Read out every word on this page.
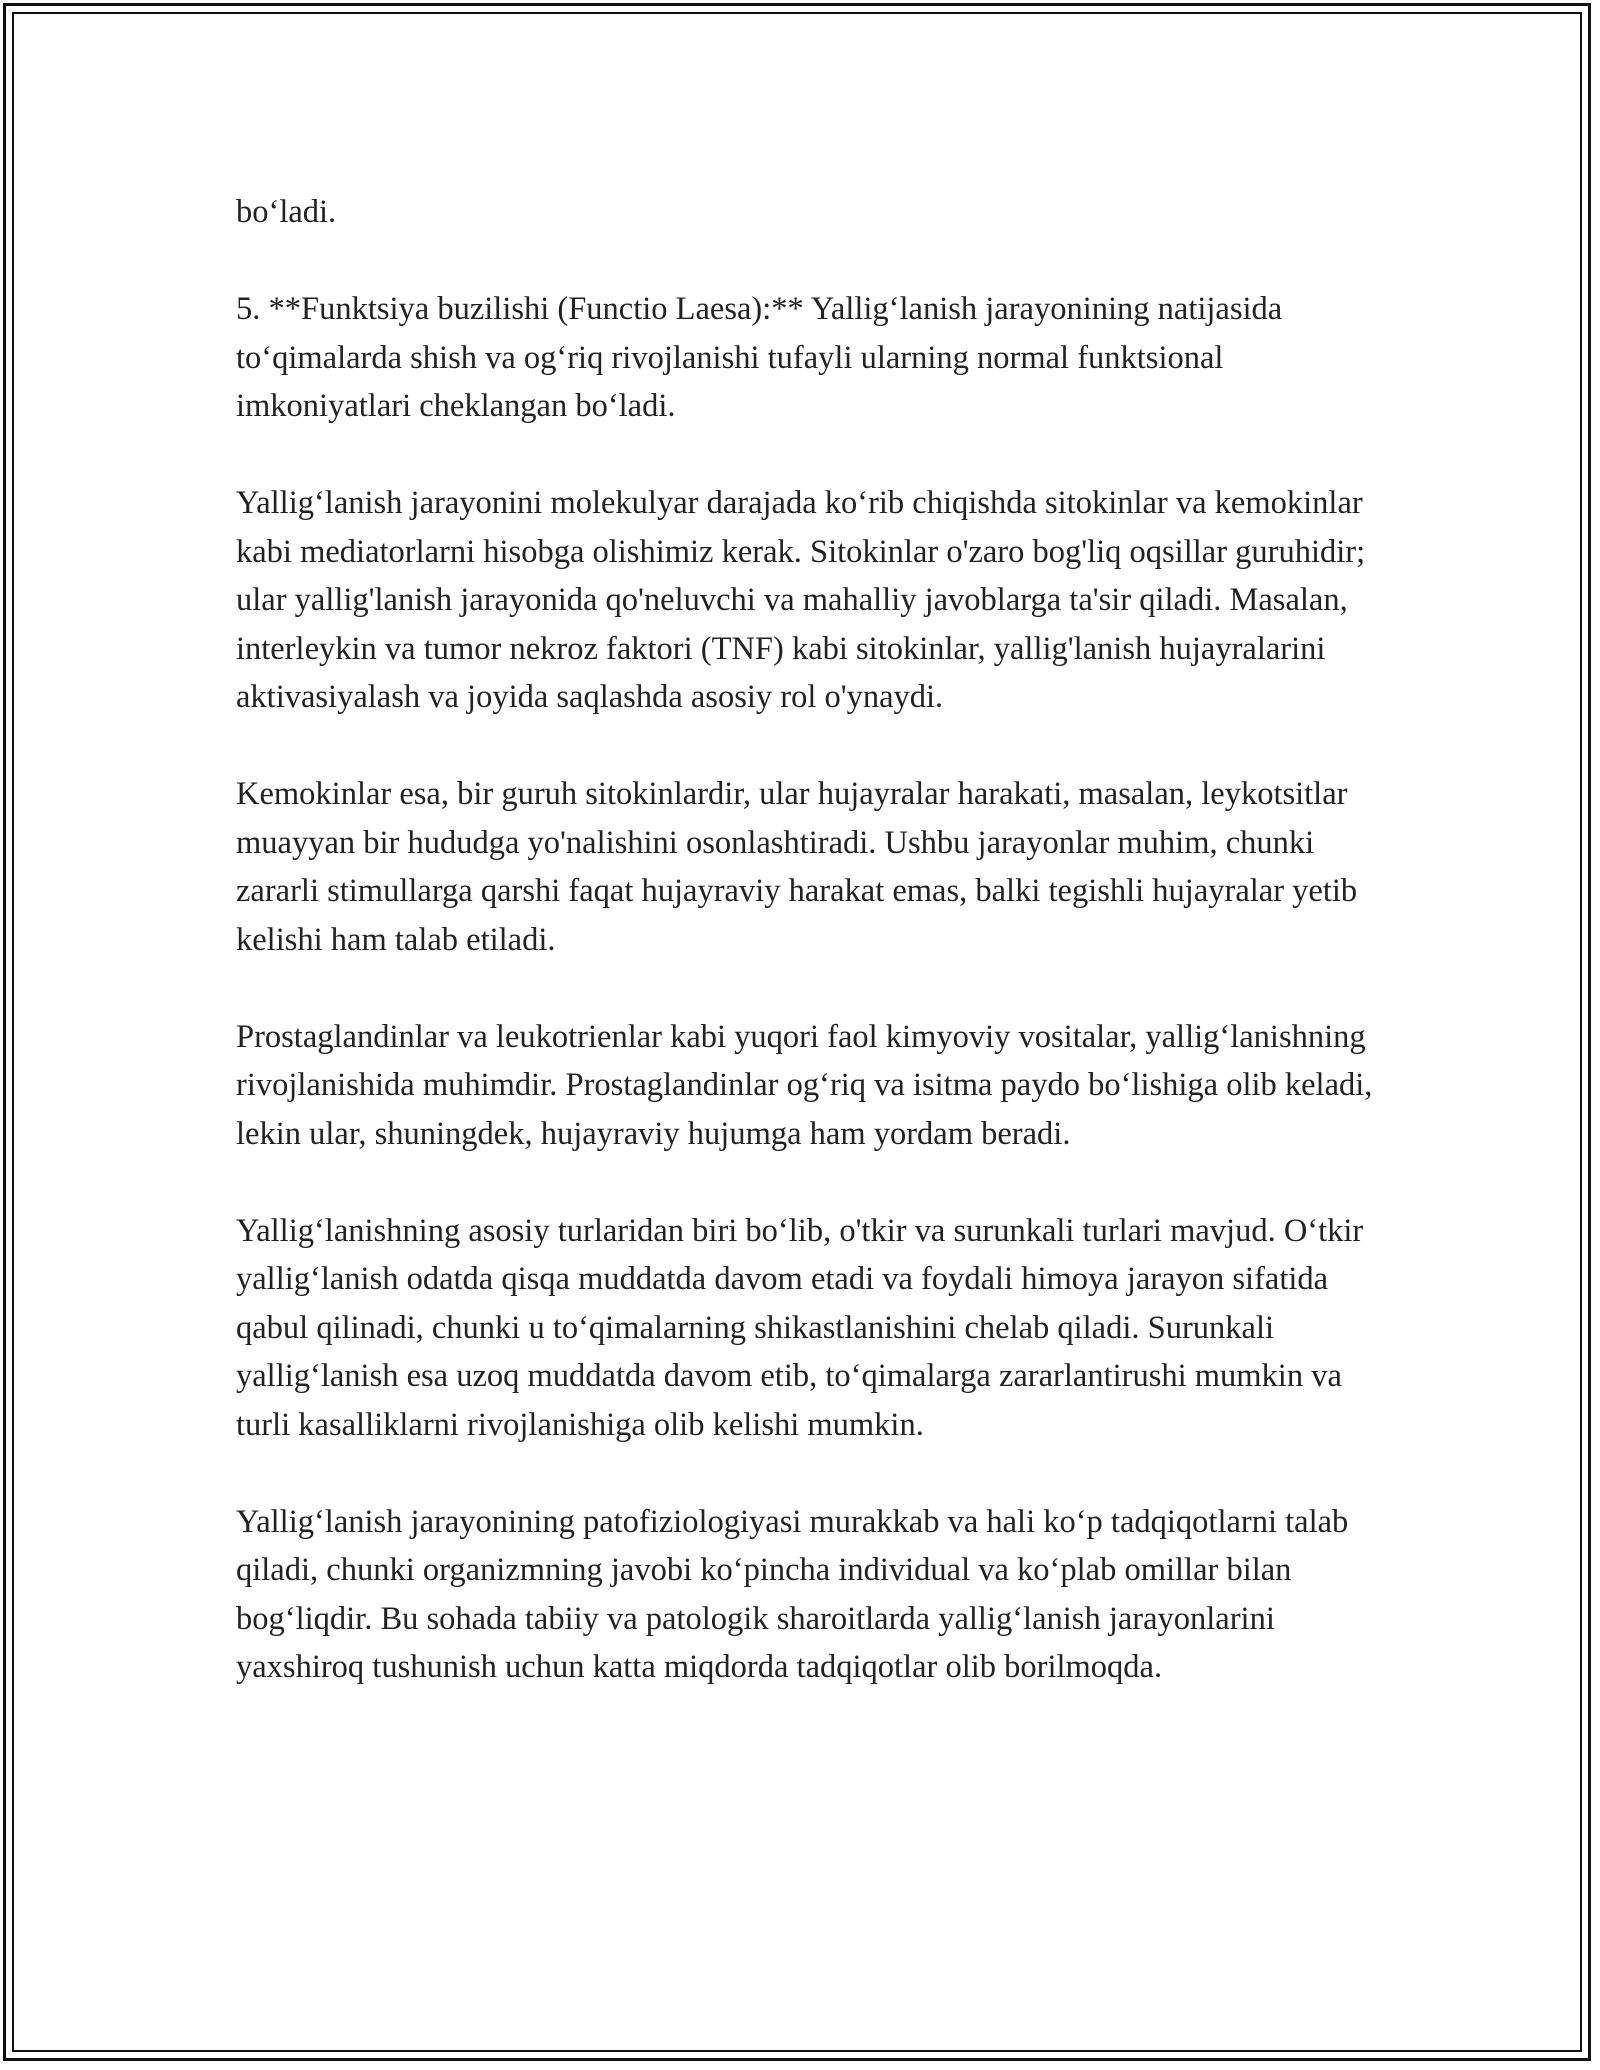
bo‘ladi.

5. **Funktsiya buzilishi (Functio Laesa):** Yallig‘lanish jarayonining natijasida to‘qimalarda shish va og‘riq rivojlanishi tufayli ularning normal funktsional imkoniyatlari cheklangan bo‘ladi.

Yallig‘lanish jarayonini molekulyar darajada ko‘rib chiqishda sitokinlar va kemokinlar kabi mediatorlarni hisobga olishimiz kerak. Sitokinlar o'zaro bog'liq oqsillar guruhidir; ular yallig'lanish jarayonida qo'neluvchi va mahalliy javoblarga ta'sir qiladi. Masalan, interleykin va tumor nekroz faktori (TNF) kabi sitokinlar, yallig'lanish hujayralarini aktivasiyalash va joyida saqlashda asosiy rol o'ynaydi.

Kemokinlar esa, bir guruh sitokinlardir, ular hujayralar harakati, masalan, leykotsitlar muayyan bir hududga yo'nalishini osonlashtiradi. Ushbu jarayonlar muhim, chunki zararli stimullarga qarshi faqat hujayraviy harakat emas, balki tegishli hujayralar yetib kelishi ham talab etiladi.

Prostaglandinlar va leukotrienlar kabi yuqori faol kimyoviy vositalar, yallig‘lanishning rivojlanishida muhimdir. Prostaglandinlar og‘riq va isitma paydo bo‘lishiga olib keladi, lekin ular, shuningdek, hujayraviy hujumga ham yordam beradi.

Yallig‘lanishning asosiy turlaridan biri bo‘lib, o'tkir va surunkali turlari mavjud. O‘tkir yallig‘lanish odatda qisqa muddatda davom etadi va foydali himoya jarayon sifatida qabul qilinadi, chunki u to‘qimalarning shikastlanishini chelab qiladi. Surunkali yallig‘lanish esa uzoq muddatda davom etib, to‘qimalarga zararlantirushi mumkin va turli kasalliklarni rivojlanishiga olib kelishi mumkin.

Yallig‘lanish jarayonining patofiziologiyasi murakkab va hali ko‘p tadqiqotlarni talab qiladi, chunki organizmning javobi ko‘pincha individual va ko‘plab omillar bilan bog‘liqdir. Bu sohada tabiiy va patologik sharoitlarda yallig‘lanish jarayonlarini yaxshiroq tushunish uchun katta miqdorda tadqiqotlar olib borilmoqda.
